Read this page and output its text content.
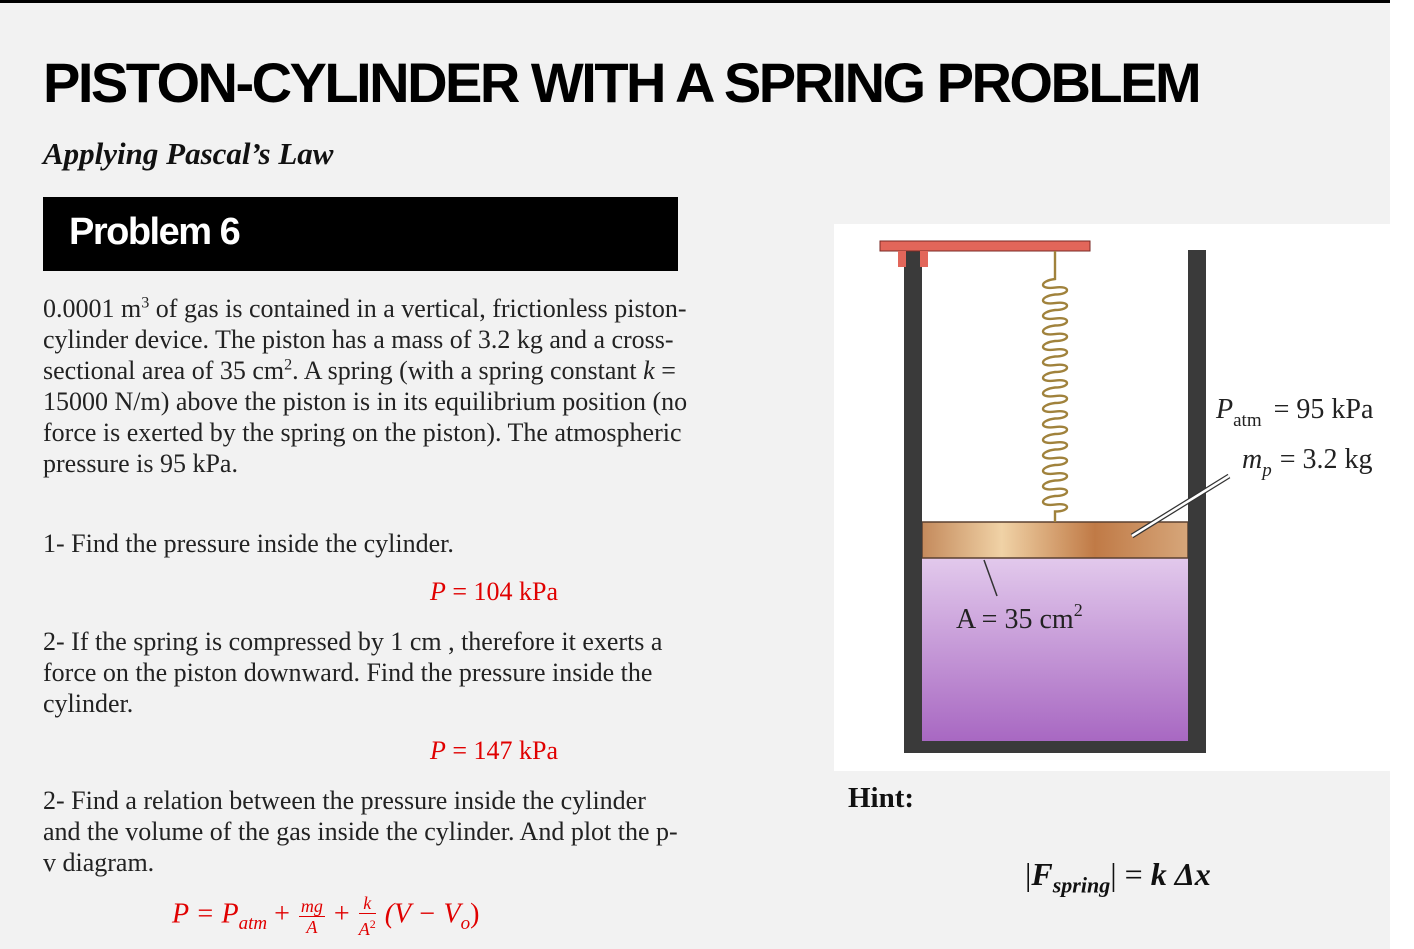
PISTON-CYLINDER WITH A SPRING PROBLEM
Applying Pascal’s Law
Problem 6

0.0001 $m^3$ of gas is contained in a vertical, frictionless piston-cylinder device. The piston has a mass of 3.2 kg and a cross-sectional area of 35 $cm^2$. A spring (with a spring constant k = 15000 N/m) above the piston is in its equilibrium position (no force is exerted by the spring on the piston). The atmospheric pressure is 95 kPa.

1- Find the pressure inside the cylinder.

P = 104 kPa

2- If the spring is compressed by 1 cm , therefore it exerts a force on the piston downward. Find the pressure inside the cylinder.

P = 147 kPa

2- Find a relation between the pressure inside the cylinder and the volume of the gas inside the cylinder. And plot the p-v diagram.

$P = P_{atm} + \frac{mg}{A} + \frac{k}{A^2} (V - V_o)$
$P_{atm} = 95$ kPa
$m_p = 3.2$ kg
A = 35 $cm^2$
Hint:
$|F_{spring}| = k$ Δx
